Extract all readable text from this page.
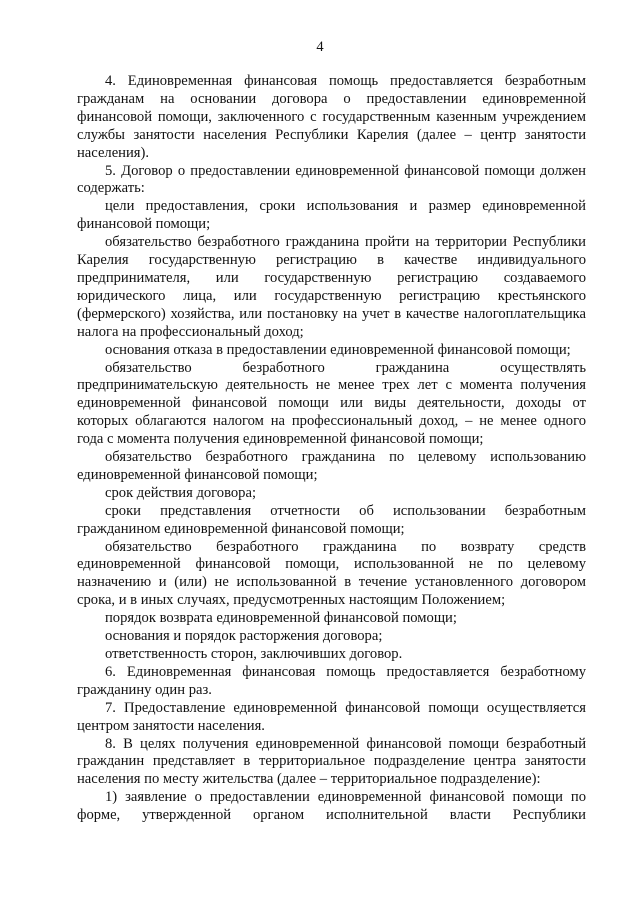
4

4. Единовременная финансовая помощь предоставляется безработным гражданам на основании договора о предоставлении единовременной финансовой помощи, заключенного с государственным казенным учреждением службы занятости населения Республики Карелия (далее – центр занятости населения).

5. Договор о предоставлении единовременной финансовой помощи должен содержать:

цели предоставления, сроки использования и размер единовременной финансовой помощи;

обязательство безработного гражданина пройти на территории Республики Карелия государственную регистрацию в качестве индивидуального предпринимателя, или государственную регистрацию создаваемого юридического лица, или государственную регистрацию крестьянского (фермерского) хозяйства, или постановку на учет в качестве налогоплательщика налога на профессиональный доход;

основания отказа в предоставлении единовременной финансовой помощи;

обязательство безработного гражданина осуществлять предпринимательскую деятельность не менее трех лет с момента получения единовременной финансовой помощи или виды деятельности, доходы от которых облагаются налогом на профессиональный доход, – не менее одного года с момента получения единовременной финансовой помощи;

обязательство безработного гражданина по целевому использованию единовременной финансовой помощи;

срок действия договора;

сроки представления отчетности об использовании безработным гражданином единовременной финансовой помощи;

обязательство безработного гражданина по возврату средств единовременной финансовой помощи, использованной не по целевому назначению и (или) не использованной в течение установленного договором срока, и в иных случаях, предусмотренных настоящим Положением;

порядок возврата единовременной финансовой помощи;

основания и порядок расторжения договора;

ответственность сторон, заключивших договор.

6. Единовременная финансовая помощь предоставляется безработному гражданину один раз.

7. Предоставление единовременной финансовой помощи осуществляется центром занятости населения.

8. В целях получения единовременной финансовой помощи безработный гражданин представляет в территориальное подразделение центра занятости населения по месту жительства (далее – территориальное подразделение):

1) заявление о предоставлении единовременной финансовой помощи по форме, утвержденной органом исполнительной власти Республики
